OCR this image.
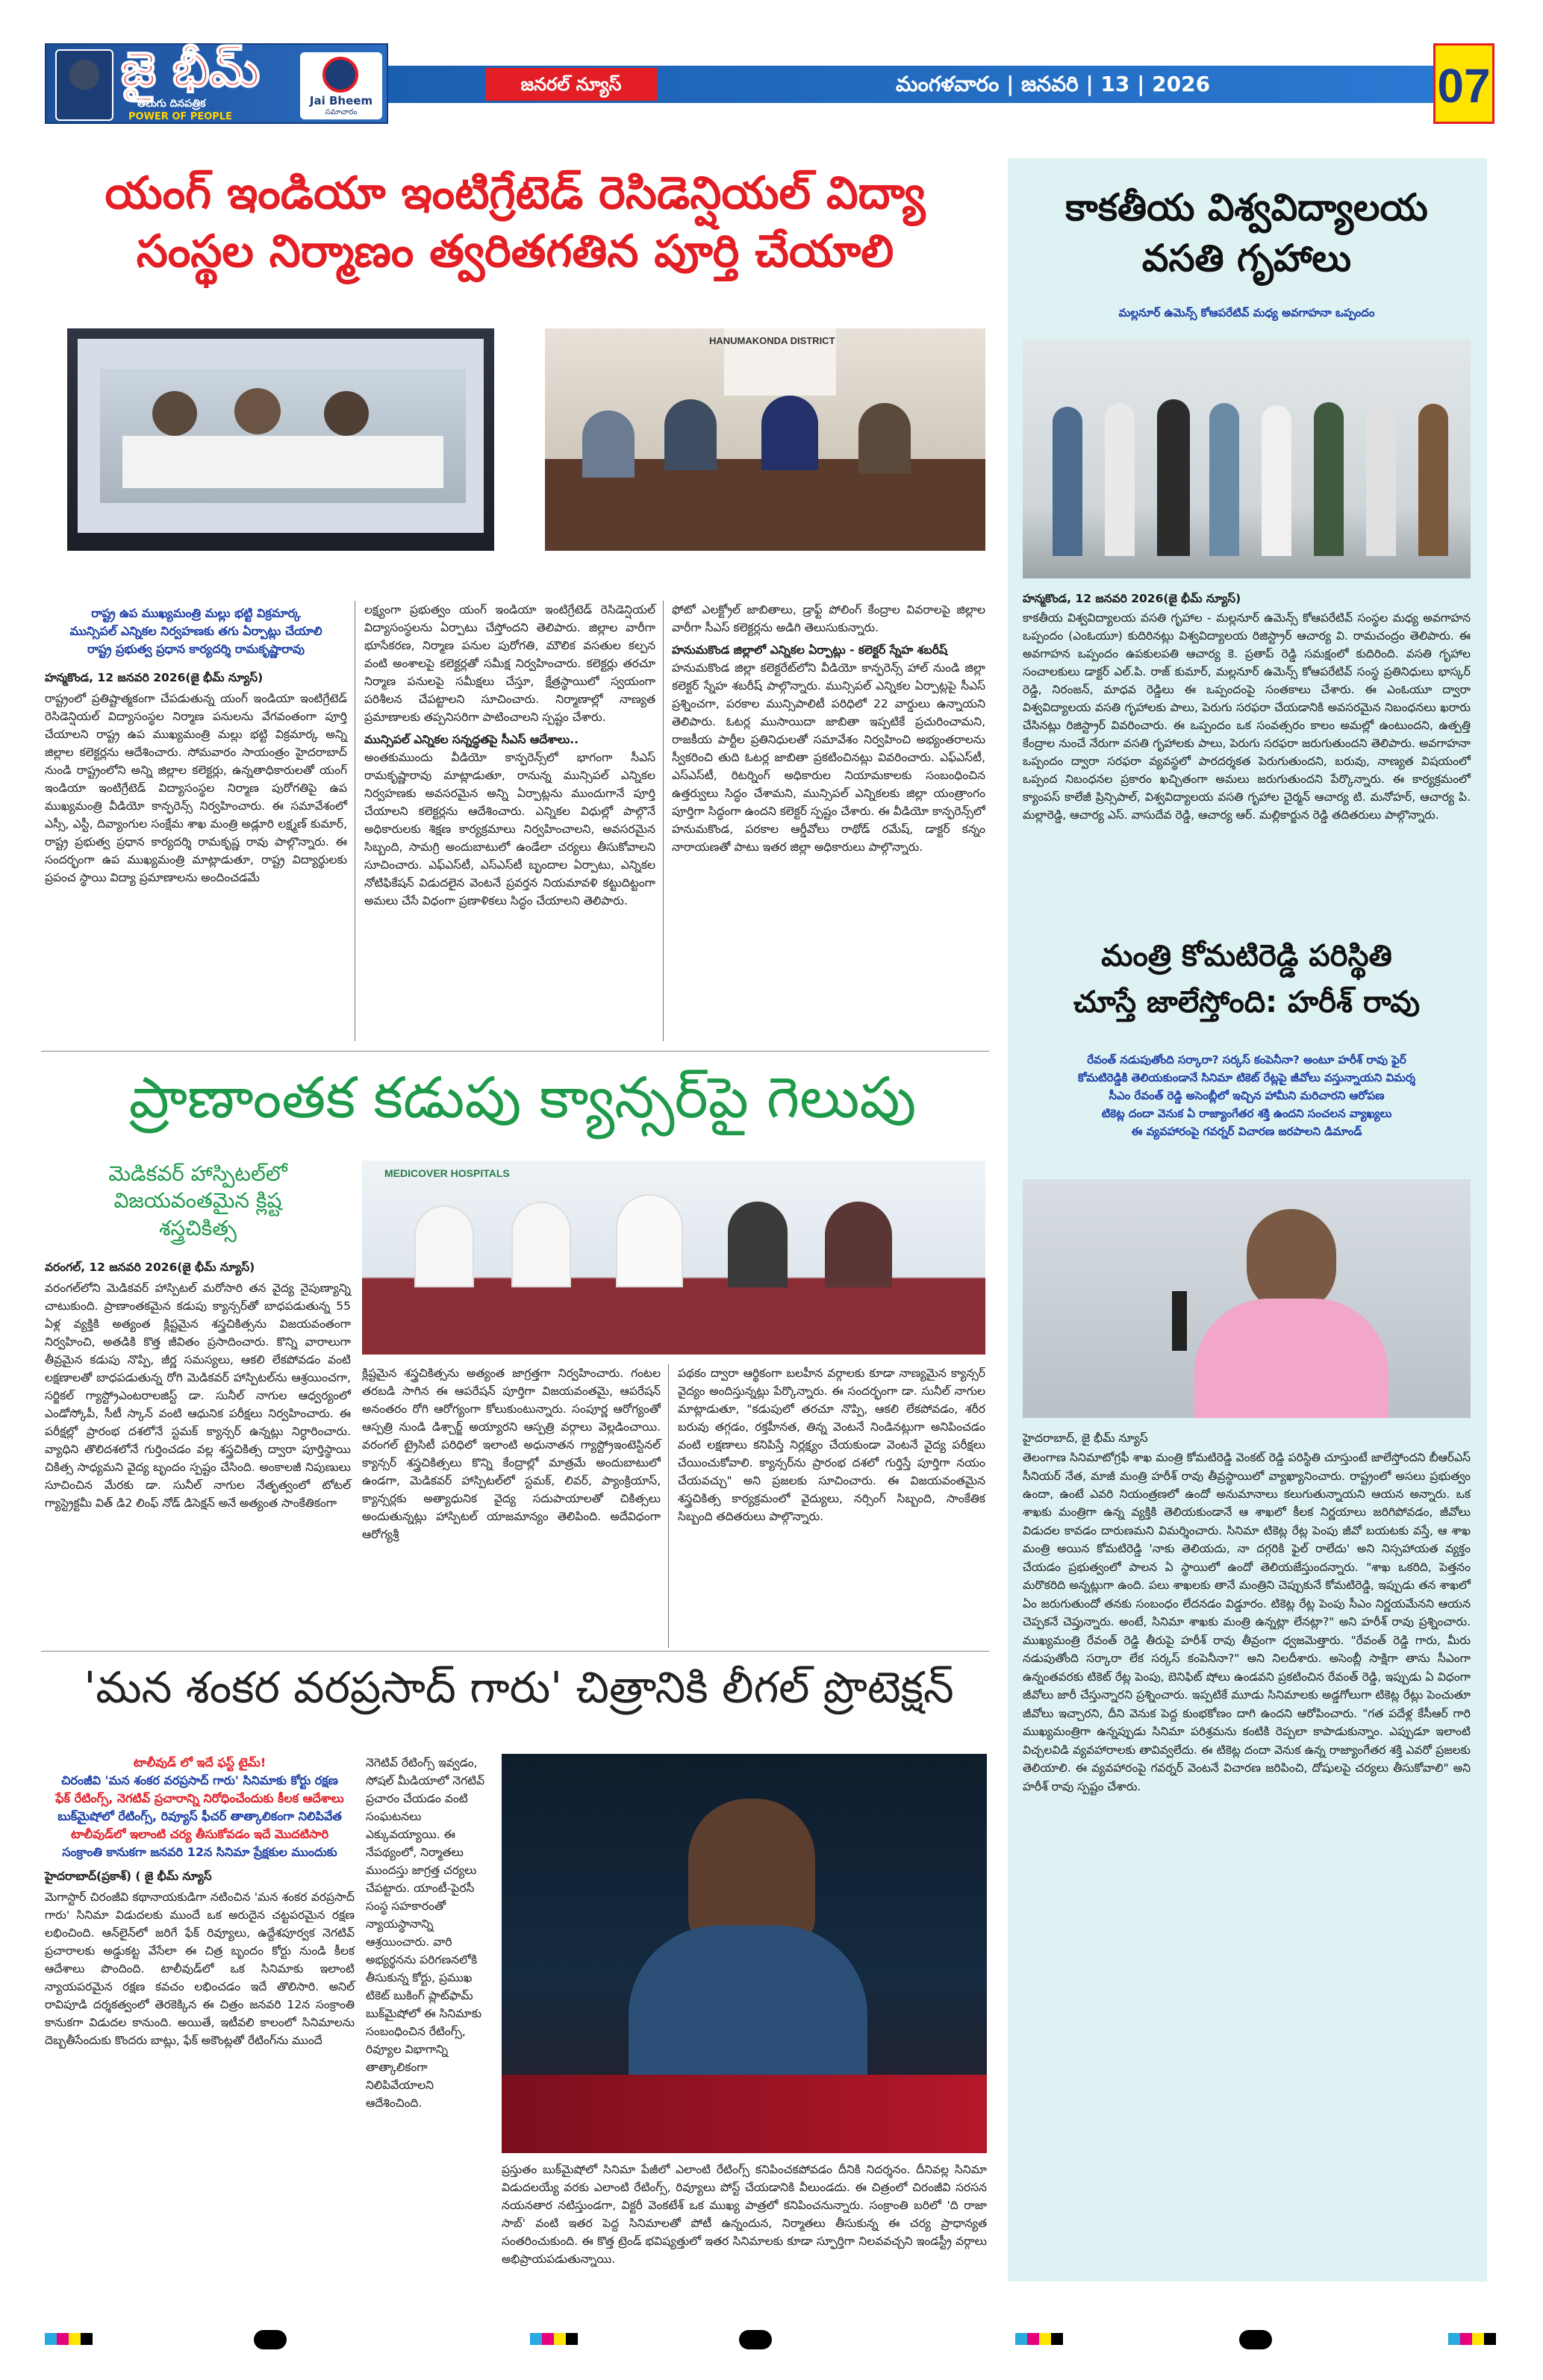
జై భీమ్
తెలుగు దినపత్రిక
POWER OF PEOPLE
Jai Bheem
సమాచారం
జనరల్ న్యూస్	మంగళవారం | జనవరి | 13 | 2026	07
యంగ్ ఇండియా ఇంటిగ్రేటెడ్ రెసిడెన్షియల్ విద్యా
సంస్థల నిర్మాణం త్వరితగతిన పూర్తి చేయాలి
HANUMAKONDA DISTRICT
రాష్ట్ర ఉప ముఖ్యమంత్రి మల్లు భట్టి విక్రమార్క
మున్సిపల్ ఎన్నికల నిర్వహణకు తగు ఏర్పాట్లు చేయాలి
రాష్ట్ర ప్రభుత్వ ప్రధాన కార్యదర్శి రామకృష్ణారావు
హన్మకొండ, 12 జనవరి 2026(జై భీమ్ న్యూస్)
రాష్ట్రంలో ప్రతిష్టాత్మకంగా చేపడుతున్న యంగ్ ఇండియా ఇంటిగ్రేటెడ్ రెసిడెన్షియల్ విద్యాసంస్థల నిర్మాణ పనులను వేగవంతంగా పూర్తి చేయాలని రాష్ట్ర ఉప ముఖ్యమంత్రి మల్లు భట్టి విక్రమార్క అన్ని జిల్లాల కలెక్టర్లను ఆదేశించారు. సోమవారం సాయంత్రం హైదరాబాద్ నుండి రాష్ట్రంలోని అన్ని జిల్లాల కలెక్టర్లు, ఉన్నతాధికారులతో యంగ్ ఇండియా ఇంటిగ్రేటెడ్ విద్యాసంస్థల నిర్మాణ పురోగతిపై ఉప ముఖ్యమంత్రి వీడియో కాన్ఫరెన్స్ నిర్వహించారు. ఈ సమావేశంలో ఎస్సీ, ఎస్టీ, దివ్యాంగుల సంక్షేమ శాఖ మంత్రి అడ్లూరి లక్ష్మణ్ కుమార్, రాష్ట్ర ప్రభుత్వ ప్రధాన కార్యదర్శి రామకృష్ణ రావు పాల్గొన్నారు. ఈ సందర్భంగా ఉప ముఖ్యమంత్రి మాట్లాడుతూ, రాష్ట్ర విద్యార్థులకు ప్రపంచ స్థాయి విద్యా ప్రమాణాలను అందించడమే
లక్ష్యంగా ప్రభుత్వం యంగ్ ఇండియా ఇంటిగ్రేటెడ్ రెసిడెన్షియల్ విద్యాసంస్థలను ఏర్పాటు చేస్తోందని తెలిపారు. జిల్లాల వారీగా భూసేకరణ, నిర్మాణ పనుల పురోగతి, మౌలిక వసతుల కల్పన వంటి అంశాలపై కలెక్టర్లతో సమీక్ష నిర్వహించారు. కలెక్టర్లు తరచూ నిర్మాణ పనులపై సమీక్షలు చేస్తూ, క్షేత్రస్థాయిలో స్వయంగా పరిశీలన చేపట్టాలని సూచించారు. నిర్మాణాల్లో నాణ్యత ప్రమాణాలకు తప్పనిసరిగా పాటించాలని స్పష్టం చేశారు.
మున్సిపల్ ఎన్నికల సన్నద్ధతపై సీఎస్ ఆదేశాలు..
అంతకుముందు వీడియో కాన్ఫరెన్స్‌లో భాగంగా సీఎస్ రామకృష్ణారావు మాట్లాడుతూ, రానున్న మున్సిపల్ ఎన్నికల నిర్వహణకు అవసరమైన అన్ని ఏర్పాట్లను ముందుగానే పూర్తి చేయాలని కలెక్టర్లను ఆదేశించారు. ఎన్నికల విధుల్లో పాల్గొనే అధికారులకు శిక్షణ కార్యక్రమాలు నిర్వహించాలని, అవసరమైన సిబ్బంది, సామగ్రి అందుబాటులో ఉండేలా చర్యలు తీసుకోవాలని సూచించారు. ఎఫ్ఎస్‌టీ, ఎస్ఎస్‌టీ బృందాల ఏర్పాటు, ఎన్నికల నోటిఫికేషన్ విడుదలైన వెంటనే ప్రవర్తన నియమావళి కట్టుదిట్టంగా అమలు చేసే విధంగా ప్రణాళికలు సిద్ధం చేయాలని తెలిపారు.
ఫోటో ఎలక్ట్రోల్ జాబితాలు, డ్రాఫ్ట్ పోలింగ్ కేంద్రాల వివరాలపై జిల్లాల వారీగా సీఎస్ కలెక్టర్లను అడిగి తెలుసుకున్నారు.
హనుమకొండ జిల్లాలో ఎన్నికల ఏర్పాట్లు - కలెక్టర్ స్నేహ శబరీష్
హనుమకొండ జిల్లా కలెక్టరేట్‌లోని వీడియో కాన్ఫరెన్స్ హాల్ నుండి జిల్లా కలెక్టర్ స్నేహ శబరీష్ పాల్గొన్నారు. మున్సిపల్ ఎన్నికల ఏర్పాట్లపై సీఎస్ ప్రశ్నించగా, పరకాల మున్సిపాలిటీ పరిధిలో 22 వార్డులు ఉన్నాయని తెలిపారు. ఓటర్ల ముసాయిదా జాబితా ఇప్పటికే ప్రచురించామని, రాజకీయ పార్టీల ప్రతినిధులతో సమావేశం నిర్వహించి అభ్యంతరాలను స్వీకరించి తుది ఓటర్ల జాబితా ప్రకటించినట్లు వివరించారు. ఎఫ్ఎస్‌టీ, ఎస్ఎస్‌టీ, రిటర్నింగ్ అధికారుల నియామకాలకు సంబంధించిన ఉత్తర్వులు సిద్ధం చేశామని, మున్సిపల్ ఎన్నికలకు జిల్లా యంత్రాంగం పూర్తిగా సిద్ధంగా ఉందని కలెక్టర్ స్పష్టం చేశారు. ఈ వీడియో కాన్ఫరెన్స్‌లో హనుమకొండ, పరకాల ఆర్డీవోలు రాథోడ్ రమేష్, డాక్టర్ కన్నం నారాయణతో పాటు ఇతర జిల్లా అధికారులు పాల్గొన్నారు.
ప్రాణాంతక కడుపు క్యాన్సర్‌పై గెలుపు
మెడికవర్ హాస్పిటల్‌లో
విజయవంతమైన క్లిష్ట
శస్త్రచికిత్స
వరంగల్, 12 జనవరి 2026(జై భీమ్ న్యూస్)
వరంగల్‌లోని మెడికవర్ హాస్పిటల్ మరోసారి తన వైద్య నైపుణ్యాన్ని చాటుకుంది. ప్రాణాంతకమైన కడుపు క్యాన్సర్‌తో బాధపడుతున్న 55 ఏళ్ల వ్యక్తికి అత్యంత క్లిష్టమైన శస్త్రచికిత్సను విజయవంతంగా నిర్వహించి, అతడికి కొత్త జీవితం ప్రసాదించారు. కొన్ని వారాలుగా తీవ్రమైన కడుపు నొప్పి, జీర్ణ సమస్యలు, ఆకలి లేకపోవడం వంటి లక్షణాలతో బాధపడుతున్న రోగి మెడికవర్ హాస్పిటల్‌ను ఆశ్రయించగా, సర్జికల్ గ్యాస్ట్రోఎంటరాలజిస్ట్ డా. సునీల్ నాగుల ఆధ్వర్యంలో ఎండోస్కోపీ, సీటీ స్కాన్ వంటి ఆధునిక పరీక్షలు నిర్వహించారు. ఈ పరీక్షల్లో ప్రారంభ దశలోనే స్టమక్ క్యాన్సర్ ఉన్నట్లు నిర్ధారించారు. వ్యాధిని తొలిదశలోనే గుర్తించడం వల్ల శస్త్రచికిత్స ద్వారా పూర్తిస్థాయి చికిత్స సాధ్యమని వైద్య బృందం స్పష్టం చేసింది. అంకాలజీ నిపుణులు సూచించిన మేరకు డా. సునీల్ నాగుల నేతృత్వంలో టోటల్ గ్యాస్ట్రెక్టమీ విత్ డి2 లింఫ్ నోడ్ డిసెక్షన్ అనే అత్యంత సాంకేతికంగా
MEDICOVER HOSPITALS
క్లిష్టమైన శస్త్రచికిత్సను అత్యంత జాగ్రత్తగా నిర్వహించారు. గంటల తరబడి సాగిన ఈ ఆపరేషన్ పూర్తిగా విజయవంతమై, ఆపరేషన్ అనంతరం రోగి ఆరోగ్యంగా కోలుకుంటున్నారు. సంపూర్ణ ఆరోగ్యంతో ఆస్పత్రి నుండి డిశ్చార్జ్ అయ్యారని ఆస్పత్రి వర్గాలు వెల్లడించాయి. వరంగల్ ట్రైసిటీ పరిధిలో ఇలాంటి అధునాతన గ్యాస్ట్రోఇంటెస్టినల్ క్యాన్సర్ శస్త్రచికిత్సలు కొన్ని కేంద్రాల్లో మాత్రమే అందుబాటులో ఉండగా, మెడికవర్ హాస్పిటల్‌లో స్టమక్, లివర్, ప్యాంక్రియాస్, క్యాన్సర్లకు అత్యాధునిక వైద్య సదుపాయాలతో చికిత్సలు అందుతున్నట్లు హాస్పిటల్ యాజమాన్యం తెలిపింది. అదేవిధంగా ఆరోగ్యశ్రీ
పథకం ద్వారా ఆర్థికంగా బలహీన వర్గాలకు కూడా నాణ్యమైన క్యాన్సర్ వైద్యం అందిస్తున్నట్లు పేర్కొన్నారు. ఈ సందర్భంగా డా. సునీల్ నాగుల మాట్లాడుతూ, "కడుపులో తరచూ నొప్పి, ఆకలి లేకపోవడం, శరీర బరువు తగ్గడం, రక్తహీనత, తిన్న వెంటనే నిండినట్లుగా అనిపించడం వంటి లక్షణాలు కనిపిస్తే నిర్లక్ష్యం చేయకుండా వెంటనే వైద్య పరీక్షలు చేయించుకోవాలి. క్యాన్సర్‌ను ప్రారంభ దశలో గుర్తిస్తే పూర్తిగా నయం చేయవచ్చు" అని ప్రజలకు సూచించారు. ఈ విజయవంతమైన శస్త్రచికిత్స కార్యక్రమంలో వైద్యులు, నర్సింగ్ సిబ్బంది, సాంకేతిక సిబ్బంది తదితరులు పాల్గొన్నారు.
'మన శంకర వరప్రసాద్ గారు' చిత్రానికి లీగల్ ప్రొటెక్షన్
టాలీవుడ్ లో ఇదే ఫస్ట్ టైమ్!
చిరంజీవి 'మన శంకర వరప్రసాద్ గారు' సినిమాకు కోర్టు రక్షణ
ఫేక్ రేటింగ్స్, నెగటివ్ ప్రచారాన్ని నిరోధించేందుకు కీలక ఆదేశాలు
బుక్‌మైషోలో రేటింగ్స్, రివ్యూస్ ఫీచర్ తాత్కాలికంగా నిలిపివేత
టాలీవుడ్‌లో ఇలాంటి చర్య తీసుకోవడం ఇదే మొదటిసారి
సంక్రాంతి కానుకగా జనవరి 12న సినిమా ప్రేక్షకుల ముందుకు
హైదరాబాద్(ప్రకాశ్) ( జై భీమ్ న్యూస్
మెగాస్టార్ చిరంజీవి కథానాయకుడిగా నటించిన 'మన శంకర వరప్రసాద్ గారు' సినిమా విడుదలకు ముందే ఒక అరుదైన చట్టపరమైన రక్షణ లభించింది. ఆన్‌లైన్‌లో జరిగే ఫేక్ రివ్యూలు, ఉద్దేశపూర్వక నెగటివ్ ప్రచారాలకు అడ్డుకట్ట వేసేలా ఈ చిత్ర బృందం కోర్టు నుండి కీలక ఆదేశాలు పొందింది. టాలీవుడ్‌లో ఒక సినిమాకు ఇలాంటి న్యాయపరమైన రక్షణ కవచం లభించడం ఇదే తొలిసారి. అనిల్ రావిపూడి దర్శకత్వంలో తెరకెక్కిన ఈ చిత్రం జనవరి 12న సంక్రాంతి కానుకగా విడుదల కానుంది. అయితే, ఇటీవలి కాలంలో సినిమాలను దెబ్బతీసేందుకు కొందరు బాట్లు, ఫేక్ అకౌంట్లతో రేటింగ్‌ను ముందే
నెగెటివ్ రేటింగ్స్ ఇవ్వడం, సోషల్ మీడియాలో నెగటివ్ ప్రచారం చేయడం వంటి సంఘటనలు ఎక్కువయ్యాయి. ఈ నేపథ్యంలో, నిర్మాతలు ముందస్తు జాగ్రత్త చర్యలు చేపట్టారు. యాంటీ-పైరసీ సంస్థ సహకారంతో న్యాయస్థానాన్ని ఆశ్రయించారు. వారి అభ్యర్థనను పరిగణనలోకి తీసుకున్న కోర్టు, ప్రముఖ టికెట్ బుకింగ్ ప్లాట్‌ఫామ్ బుక్‌మైషోలో ఈ సినిమాకు సంబంధించిన రేటింగ్స్, రివ్యూల విభాగాన్ని తాత్కాలికంగా నిలిపివేయాలని ఆదేశించింది.
ప్రస్తుతం బుక్‌మైషోలో సినిమా పేజీలో ఎలాంటి రేటింగ్స్ కనిపించకపోవడం దీనికి నిదర్శనం. దీనివల్ల సినిమా విడుదలయ్యే వరకు ఎలాంటి రేటింగ్స్, రివ్యూలు పోస్ట్ చేయడానికి వీలుండదు. ఈ చిత్రంలో చిరంజీవి సరసన నయనతార నటిస్తుండగా, విక్టరీ వెంకటేశ్ ఒక ముఖ్య పాత్రలో కనిపించనున్నారు. సంక్రాంతి బరిలో 'ది రాజా సాబ్' వంటి ఇతర పెద్ద సినిమాలతో పోటీ ఉన్నందున, నిర్మాతలు తీసుకున్న ఈ చర్య ప్రాధాన్యత సంతరించుకుంది. ఈ కొత్త ట్రెండ్ భవిష్యత్తులో ఇతర సినిమాలకు కూడా స్ఫూర్తిగా నిలవవచ్చని ఇండస్ట్రీ వర్గాలు అభిప్రాయపడుతున్నాయి.
కాకతీయ విశ్వవిద్యాలయ
వసతి గృహాలు
మల్లనూర్ ఉమెన్స్ కోఆపరేటివ్ మధ్య అవగాహనా ఒప్పందం
హన్మకొండ, 12 జనవరి 2026(జై భీమ్ న్యూస్)
కాకతీయ విశ్వవిద్యాలయ వసతి గృహాల - మల్లనూర్ ఉమెన్స్ కోఆపరేటివ్ సంస్థల మధ్య అవగాహన ఒప్పందం (ఎంఓయూ) కుదిరినట్లు విశ్వవిద్యాలయ రిజిస్ట్రార్ ఆచార్య వి. రామచంద్రం తెలిపారు. ఈ అవగాహన ఒప్పందం ఉపకులపతి ఆచార్య కె. ప్రతాప్ రెడ్డి సమక్షంలో కుదిరింది. వసతి గృహాల సంచాలకులు డాక్టర్ ఎల్.పి. రాజ్ కుమార్, మల్లనూర్ ఉమెన్స్ కోఆపరేటివ్ సంస్థ ప్రతినిధులు భాస్కర్ రెడ్డి, నిరంజన్, మాధవ రెడ్డిలు ఈ ఒప్పందంపై సంతకాలు చేశారు. ఈ ఎంఓయూ ద్వారా విశ్వవిద్యాలయ వసతి గృహాలకు పాలు, పెరుగు సరఫరా చేయడానికి అవసరమైన నిబంధనలు ఖరారు చేసినట్లు రిజిస్ట్రార్ వివరించారు. ఈ ఒప్పందం ఒక సంవత్సరం కాలం అమల్లో ఉంటుందని, ఉత్పత్తి కేంద్రాల నుంచే నేరుగా వసతి గృహాలకు పాలు, పెరుగు సరఫరా జరుగుతుందని తెలిపారు. అవగాహనా ఒప్పందం ద్వారా సరఫరా వ్యవస్థలో పారదర్శకత పెరుగుతుందని, బరువు, నాణ్యత విషయంలో ఒప్పంద నిబంధనల ప్రకారం ఖచ్చితంగా అమలు జరుగుతుందని పేర్కొన్నారు. ఈ కార్యక్రమంలో క్యాంపస్ కాలేజీ ప్రిన్సిపాల్, విశ్వవిద్యాలయ వసతి గృహాల చైర్మన్ ఆచార్య టి. మనోహర్, ఆచార్య పి. మల్లారెడ్డి, ఆచార్య ఎస్. వాసుదేవ రెడ్డి, ఆచార్య ఆర్. మల్లికార్జున రెడ్డి తదితరులు పాల్గొన్నారు.
మంత్రి కోమటిరెడ్డి పరిస్థితి
చూస్తే జాలేస్తోంది: హరీశ్ రావు
రేవంత్ నడుపుతోంది సర్కారా? సర్కస్ కంపెనీనా? అంటూ హరీశ్ రావు ఫైర్
కోమటిరెడ్డికి తెలియకుండానే సినిమా టికెట్ రేట్లపై జీవోలు వస్తున్నాయని విమర్శ
సీఎం రేవంత్ రెడ్డి అసెంబ్లీలో ఇచ్చిన హామీని మరిచారని ఆరోపణ
టికెట్ల దందా వెనుక ఏ రాజ్యాంగేతర శక్తి ఉందని సంచలన వ్యాఖ్యలు
ఈ వ్యవహారంపై గవర్నర్ విచారణ జరపాలని డిమాండ్
హైదరాబాద్, జై భీమ్ న్యూస్
తెలంగాణ సినిమాటోగ్రఫీ శాఖ మంత్రి కోమటిరెడ్డి వెంకట్ రెడ్డి పరిస్థితి చూస్తుంటే జాలేస్తోందని బీఆర్ఎస్ సీనియర్ నేత, మాజీ మంత్రి హరీశ్ రావు తీవ్రస్థాయిలో వ్యాఖ్యానించారు. రాష్ట్రంలో అసలు ప్రభుత్వం ఉందా, ఉంటే ఎవరి నియంత్రణలో ఉందో అనుమానాలు కలుగుతున్నాయని ఆయన అన్నారు. ఒక శాఖకు మంత్రిగా ఉన్న వ్యక్తికి తెలియకుండానే ఆ శాఖలో కీలక నిర్ణయాలు జరిగిపోవడం, జీవోలు విడుదల కావడం దారుణమని విమర్శించారు. సినిమా టికెట్ల రేట్ల పెంపు జీవో బయటకు వస్తే, ఆ శాఖ మంత్రి అయిన కోమటిరెడ్డి 'నాకు తెలియదు, నా దగ్గరికి ఫైల్ రాలేదు' అని నిస్సహాయత వ్యక్తం చేయడం ప్రభుత్వంలో పాలన ఏ స్థాయిలో ఉందో తెలియజేస్తుందన్నారు. "శాఖ ఒకరిది, పెత్తనం మరొకరిది అన్నట్లుగా ఉంది. పలు శాఖలకు తానే మంత్రిని చెప్పుకునే కోమటిరెడ్డి, ఇప్పుడు తన శాఖలో ఏం జరుగుతుందో తనకు సంబంధం లేదనడం విడ్డూరం. టికెట్ల రేట్ల పెంపు సీఎం నిర్ణయమేనని ఆయన చెప్పకనే చెప్తున్నారు. అంటే, సినిమా శాఖకు మంత్రి ఉన్నట్లా లేనట్లా?" అని హరీశ్ రావు ప్రశ్నించారు. ముఖ్యమంత్రి రేవంత్ రెడ్డి తీరుపై హరీశ్ రావు తీవ్రంగా ధ్వజమెత్తారు. "రేవంత్ రెడ్డి గారు, మీరు నడుపుతోంది సర్కారా లేక సర్కస్ కంపెనీనా?" అని నిలదీశారు. అసెంబ్లీ సాక్షిగా తాను సీఎంగా ఉన్నంతవరకు టికెట్ రేట్ల పెంపు, బెనిఫిట్ షోలు ఉండవని ప్రకటించిన రేవంత్ రెడ్డి, ఇప్పుడు ఏ విధంగా జీవోలు జారీ చేస్తున్నారని ప్రశ్నించారు. ఇప్పటికే మూడు సినిమాలకు అడ్డగోలుగా టికెట్ల రేట్లు పెంచుతూ జీవోలు ఇచ్చారని, దీని వెనుక పెద్ద కుంభకోణం దాగి ఉందని ఆరోపించారు. "గత పదేళ్ల కేసీఆర్ గారి ముఖ్యమంత్రిగా ఉన్నప్పుడు సినిమా పరిశ్రమను కంటికి రెప్పలా కాపాడుకున్నాం. ఎప్పుడూ ఇలాంటి విచ్చలవిడి వ్యవహారాలకు తావివ్వలేదు. ఈ టికెట్ల దందా వెనుక ఉన్న రాజ్యాంగేతర శక్తి ఎవరో ప్రజలకు తెలియాలి. ఈ వ్యవహారంపై గవర్నర్ వెంటనే విచారణ జరిపించి, దోషులపై చర్యలు తీసుకోవాలి" అని హరీశ్ రావు స్పష్టం చేశారు.
